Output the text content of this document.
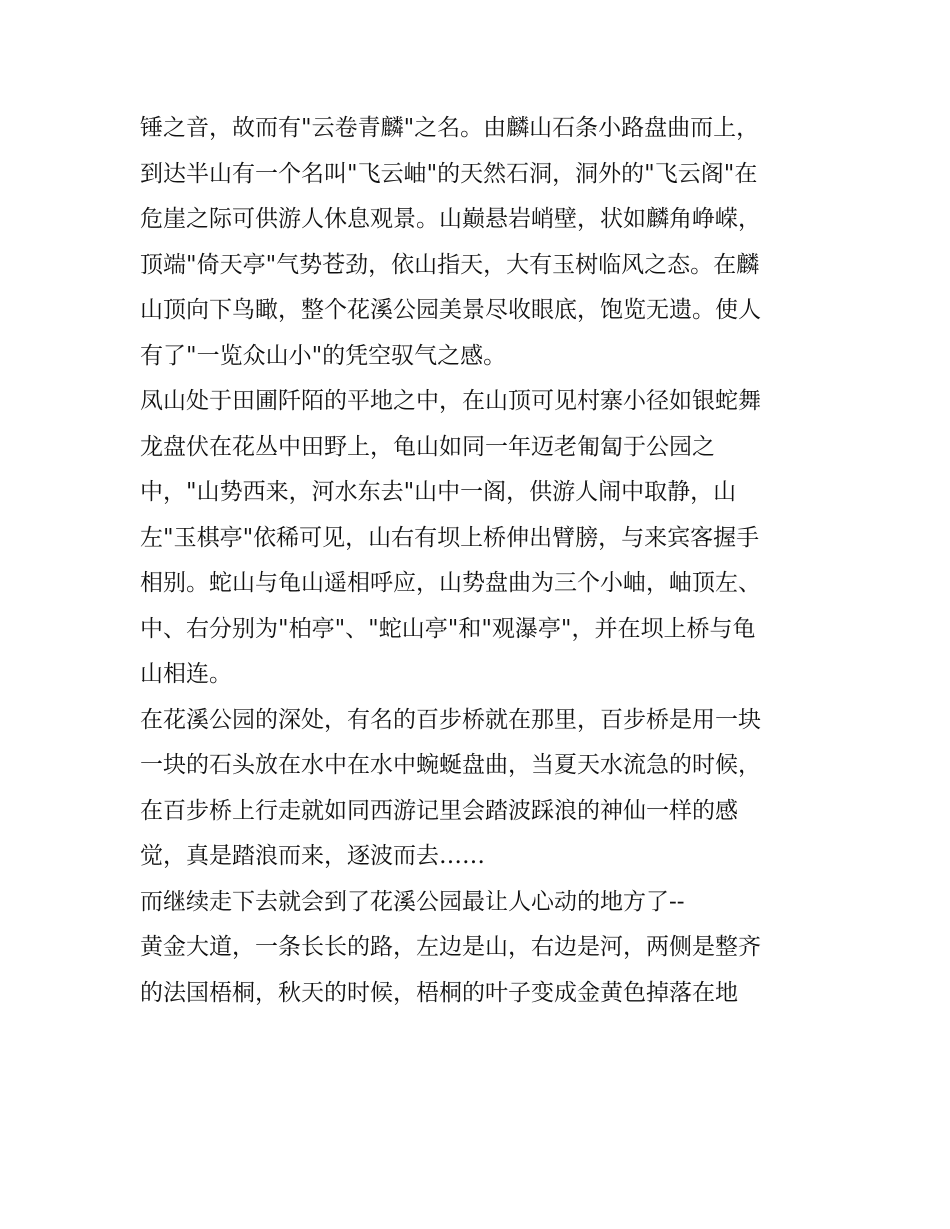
锤之音，故而有"云卷青麟"之名。由麟山石条小路盘曲而上，
到达半山有一个名叫"飞云岫"的天然石洞，洞外的"飞云阁"在
危崖之际可供游人休息观景。山巅悬岩峭壁，状如麟角峥嵘，
顶端"倚天亭"气势苍劲，依山指天，大有玉树临风之态。在麟
山顶向下鸟瞰，整个花溪公园美景尽收眼底，饱览无遗。使人
有了"一览众山小"的凭空驭气之感。
凤山处于田圃阡陌的平地之中，在山顶可见村寨小径如银蛇舞
龙盘伏在花丛中田野上，龟山如同一年迈老匍匐于公园之
中，"山势西来，河水东去"山中一阁，供游人闹中取静，山
左"玉棋亭"依稀可见，山右有坝上桥伸出臂膀，与来宾客握手
相别。蛇山与龟山遥相呼应，山势盘曲为三个小岫，岫顶左、
中、右分别为"柏亭"、"蛇山亭"和"观瀑亭"，并在坝上桥与龟
山相连。
在花溪公园的深处，有名的百步桥就在那里，百步桥是用一块
一块的石头放在水中在水中蜿蜒盘曲，当夏天水流急的时候，
在百步桥上行走就如同西游记里会踏波踩浪的神仙一样的感
觉，真是踏浪而来，逐波而去……
而继续走下去就会到了花溪公园最让人心动的地方了--
黄金大道，一条长长的路，左边是山，右边是河，两侧是整齐
的法国梧桐，秋天的时候，梧桐的叶子变成金黄色掉落在地
